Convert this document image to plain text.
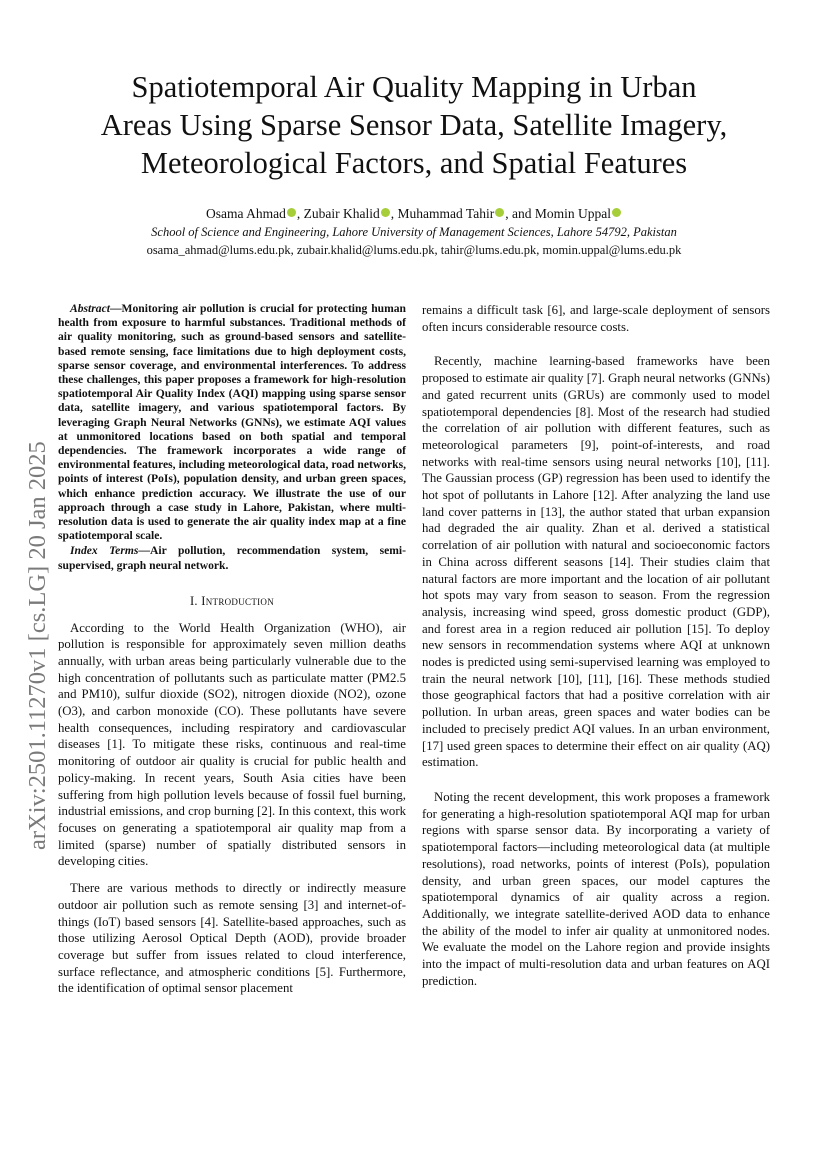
Spatiotemporal Air Quality Mapping in Urban
Areas Using Sparse Sensor Data, Satellite Imagery,
Meteorological Factors, and Spatial Features
Osama Ahmad , Zubair Khalid , Muhammad Tahir , and Momin Uppal
School of Science and Engineering, Lahore University of Management Sciences, Lahore 54792, Pakistan
osama_ahmad@lums.edu.pk, zubair.khalid@lums.edu.pk, tahir@lums.edu.pk, momin.uppal@lums.edu.pk
arXiv:2501.11270v1 [cs.LG] 20 Jan 2025

Abstract—Monitoring air pollution is crucial for protecting human health from exposure to harmful substances. Traditional methods of air quality monitoring, such as ground-based sensors and satellite-based remote sensing, face limitations due to high deployment costs, sparse sensor coverage, and environmental interferences. To address these challenges, this paper proposes a framework for high-resolution spatiotemporal Air Quality Index (AQI) mapping using sparse sensor data, satellite imagery, and various spatiotemporal factors. By leveraging Graph Neural Networks (GNNs), we estimate AQI values at unmonitored locations based on both spatial and temporal dependencies. The framework incorporates a wide range of environmental features, including meteorological data, road networks, points of interest (PoIs), population density, and urban green spaces, which enhance prediction accuracy. We illustrate the use of our approach through a case study in Lahore, Pakistan, where multi-resolution data is used to generate the air quality index map at a fine spatiotemporal scale.

Index Terms—Air pollution, recommendation system, semi-supervised, graph neural network.

I. Introduction

According to the World Health Organization (WHO), air pollution is responsible for approximately seven million deaths annually, with urban areas being particularly vulnerable due to the high concentration of pollutants such as particulate matter (PM2.5 and PM10), sulfur dioxide (SO2), nitrogen dioxide (NO2), ozone (O3), and carbon monoxide (CO). These pollutants have severe health consequences, including respiratory and cardiovascular diseases [1]. To mitigate these risks, continuous and real-time monitoring of outdoor air quality is crucial for public health and policy-making. In recent years, South Asia cities have been suffering from high pollution levels because of fossil fuel burning, industrial emissions, and crop burning [2]. In this context, this work focuses on generating a spatiotemporal air quality map from a limited (sparse) number of spatially distributed sensors in developing cities.

There are various methods to directly or indirectly measure outdoor air pollution such as remote sensing [3] and internet-of-things (IoT) based sensors [4]. Satellite-based approaches, such as those utilizing Aerosol Optical Depth (AOD), provide broader coverage but suffer from issues related to cloud interference, surface reflectance, and atmospheric conditions [5]. Furthermore, the identification of optimal sensor placement

remains a difficult task [6], and large-scale deployment of sensors often incurs considerable resource costs.

Recently, machine learning-based frameworks have been proposed to estimate air quality [7]. Graph neural networks (GNNs) and gated recurrent units (GRUs) are commonly used to model spatiotemporal dependencies [8]. Most of the research had studied the correlation of air pollution with different features, such as meteorological parameters [9], point-of-interests, and road networks with real-time sensors using neural networks [10], [11]. The Gaussian process (GP) regression has been used to identify the hot spot of pollutants in Lahore [12]. After analyzing the land use land cover patterns in [13], the author stated that urban expansion had degraded the air quality. Zhan et al. derived a statistical correlation of air pollution with natural and socioeconomic factors in China across different seasons [14]. Their studies claim that natural factors are more important and the location of air pollutant hot spots may vary from season to season. From the regression analysis, increasing wind speed, gross domestic product (GDP), and forest area in a region reduced air pollution [15]. To deploy new sensors in recommendation systems where AQI at unknown nodes is predicted using semi-supervised learning was employed to train the neural network [10], [11], [16]. These methods studied those geographical factors that had a positive correlation with air pollution. In urban areas, green spaces and water bodies can be included to precisely predict AQI values. In an urban environment, [17] used green spaces to determine their effect on air quality (AQ) estimation.

Noting the recent development, this work proposes a framework for generating a high-resolution spatiotemporal AQI map for urban regions with sparse sensor data. By incorporating a variety of spatiotemporal factors—including meteorological data (at multiple resolutions), road networks, points of interest (PoIs), population density, and urban green spaces, our model captures the spatiotemporal dynamics of air quality across a region. Additionally, we integrate satellite-derived AOD data to enhance the ability of the model to infer air quality at unmonitored nodes. We evaluate the model on the Lahore region and provide insights into the impact of multi-resolution data and urban features on AQI prediction.
